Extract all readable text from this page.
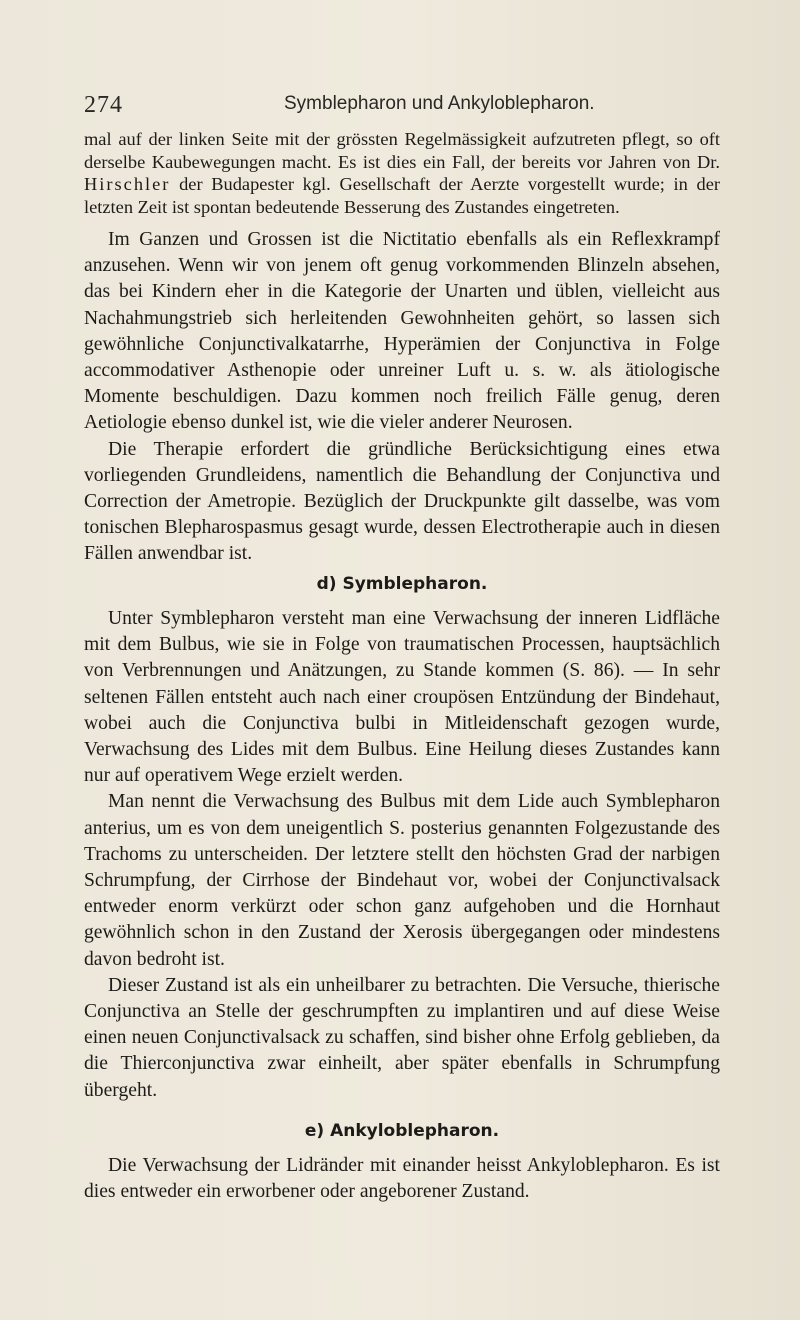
274	Symblepharon und Ankyloblepharon.

mal auf der linken Seite mit der grössten Regelmässigkeit aufzutreten pflegt, so oft derselbe Kaubewegungen macht. Es ist dies ein Fall, der bereits vor Jahren von Dr. Hirschler der Budapester kgl. Gesellschaft der Aerzte vorgestellt wurde; in der letzten Zeit ist spontan bedeutende Besserung des Zustandes eingetreten.

Im Ganzen und Grossen ist die Nictitatio ebenfalls als ein Reflexkrampf anzusehen. Wenn wir von jenem oft genug vorkommenden Blinzeln absehen, das bei Kindern eher in die Kategorie der Unarten und üblen, vielleicht aus Nachahmungstrieb sich herleitenden Gewohnheiten gehört, so lassen sich gewöhnliche Conjunctivalkatarrhe, Hyperämien der Conjunctiva in Folge accommodativer Asthenopie oder unreiner Luft u. s. w. als ätiologische Momente beschuldigen. Dazu kommen noch freilich Fälle genug, deren Aetiologie ebenso dunkel ist, wie die vieler anderer Neurosen.

Die Therapie erfordert die gründliche Berücksichtigung eines etwa vorliegenden Grundleidens, namentlich die Behandlung der Conjunctiva und Correction der Ametropie. Bezüglich der Druckpunkte gilt dasselbe, was vom tonischen Blepharospasmus gesagt wurde, dessen Electrotherapie auch in diesen Fällen anwendbar ist.

d) Symblepharon.

Unter Symblepharon versteht man eine Verwachsung der inneren Lidfläche mit dem Bulbus, wie sie in Folge von traumatischen Processen, hauptsächlich von Verbrennungen und Anätzungen, zu Stande kommen (S. 86). — In sehr seltenen Fällen entsteht auch nach einer croupösen Entzündung der Bindehaut, wobei auch die Conjunctiva bulbi in Mitleidenschaft gezogen wurde, Verwachsung des Lides mit dem Bulbus. Eine Heilung dieses Zustandes kann nur auf operativem Wege erzielt werden.

Man nennt die Verwachsung des Bulbus mit dem Lide auch Symblepharon anterius, um es von dem uneigentlich S. posterius genannten Folgezustande des Trachoms zu unterscheiden. Der letztere stellt den höchsten Grad der narbigen Schrumpfung, der Cirrhose der Bindehaut vor, wobei der Conjunctivalsack entweder enorm verkürzt oder schon ganz aufgehoben und die Hornhaut gewöhnlich schon in den Zustand der Xerosis übergegangen oder mindestens davon bedroht ist.

Dieser Zustand ist als ein unheilbarer zu betrachten. Die Versuche, thierische Conjunctiva an Stelle der geschrumpften zu implantiren und auf diese Weise einen neuen Conjunctivalsack zu schaffen, sind bisher ohne Erfolg geblieben, da die Thierconjunctiva zwar einheilt, aber später ebenfalls in Schrumpfung übergeht.

e) Ankyloblepharon.

Die Verwachsung der Lidränder mit einander heisst Ankyloblepharon. Es ist dies entweder ein erworbener oder angeborener Zustand.
